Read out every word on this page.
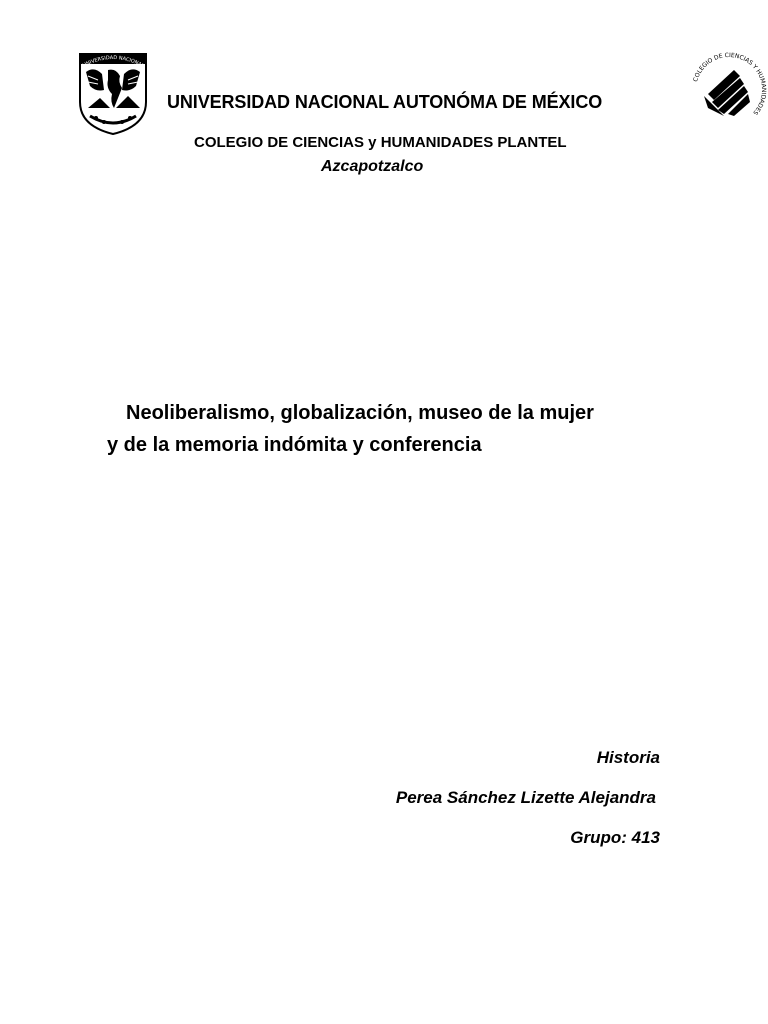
UNIVERSIDAD NACIONAL
COLEGIO DE CIENCIAS Y HUMANIDADES
UNIVERSIDAD NACIONAL AUTONÓMA DE MÉXICO
COLEGIO DE CIENCIAS y HUMANIDADES PLANTEL
Azcapotzalco
Neoliberalismo, globalización, museo de la mujer
y de la memoria indómita y conferencia
Historia
Perea Sánchez Lizette Alejandra
Grupo: 413
